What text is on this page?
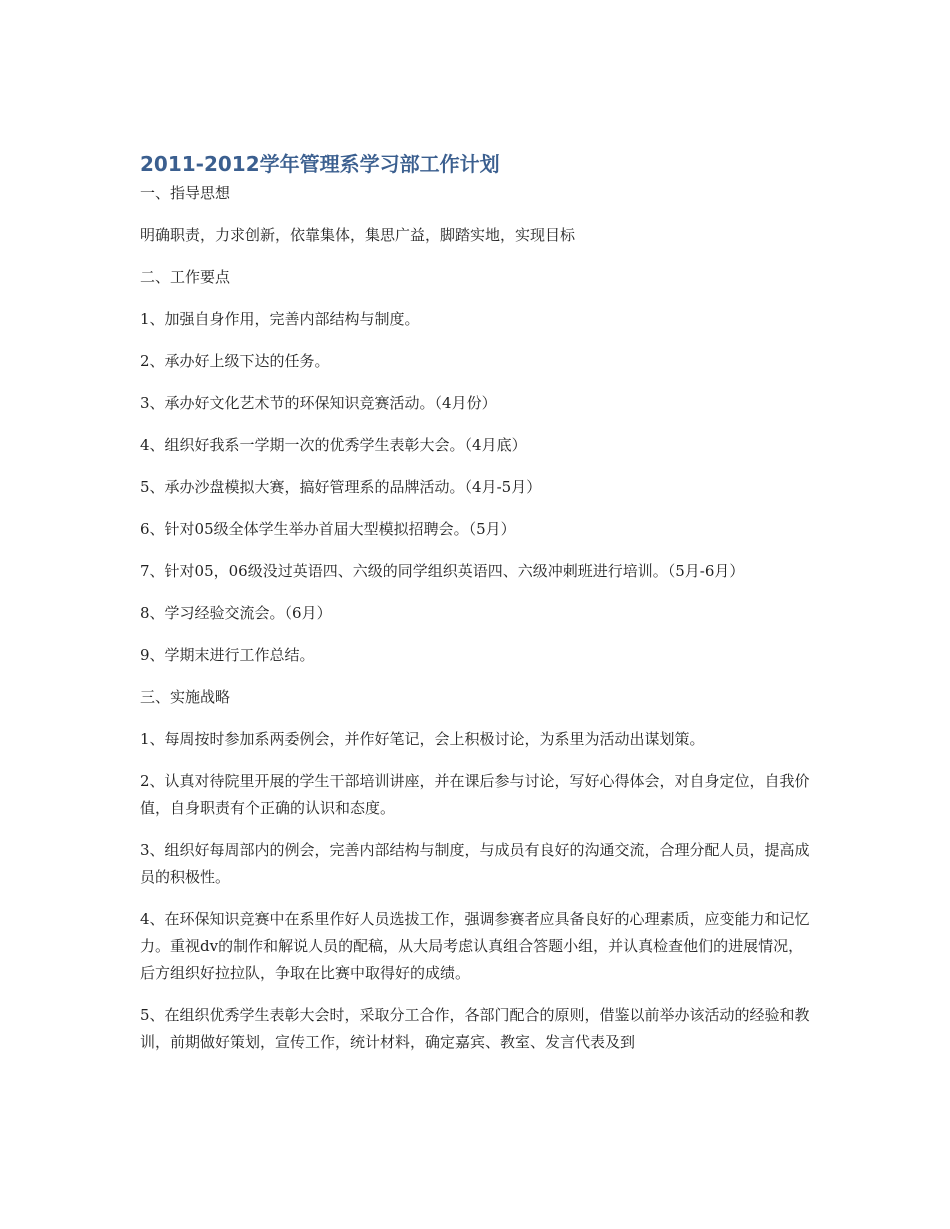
2011-2012学年管理系学习部工作计划

一、指导思想

明确职责，力求创新，依靠集体，集思广益，脚踏实地，实现目标

二、工作要点

1、加强自身作用，完善内部结构与制度。

2、承办好上级下达的任务。

3、承办好文化艺术节的环保知识竞赛活动。（4月份）

4、组织好我系一学期一次的优秀学生表彰大会。（4月底）

5、承办沙盘模拟大赛，搞好管理系的品牌活动。（4月-5月）

6、针对05级全体学生举办首届大型模拟招聘会。（5月）

7、针对05，06级没过英语四、六级的同学组织英语四、六级冲刺班进行培训。（5月-6月）

8、学习经验交流会。（6月）

9、学期末进行工作总结。

三、实施战略

1、每周按时参加系两委例会，并作好笔记，会上积极讨论，为系里为活动出谋划策。

2、认真对待院里开展的学生干部培训讲座，并在课后参与讨论，写好心得体会，对自身定位，自我价值，自身职责有个正确的认识和态度。

3、组织好每周部内的例会，完善内部结构与制度，与成员有良好的沟通交流，合理分配人员，提高成员的积极性。

4、在环保知识竞赛中在系里作好人员选拔工作，强调参赛者应具备良好的心理素质，应变能力和记忆力。重视dv的制作和解说人员的配稿，从大局考虑认真组合答题小组，并认真检查他们的进展情况，后方组织好拉拉队，争取在比赛中取得好的成绩。

5、在组织优秀学生表彰大会时，采取分工合作，各部门配合的原则，借鉴以前举办该活动的经验和教训，前期做好策划，宣传工作，统计材料，确定嘉宾、教室、发言代表及到
